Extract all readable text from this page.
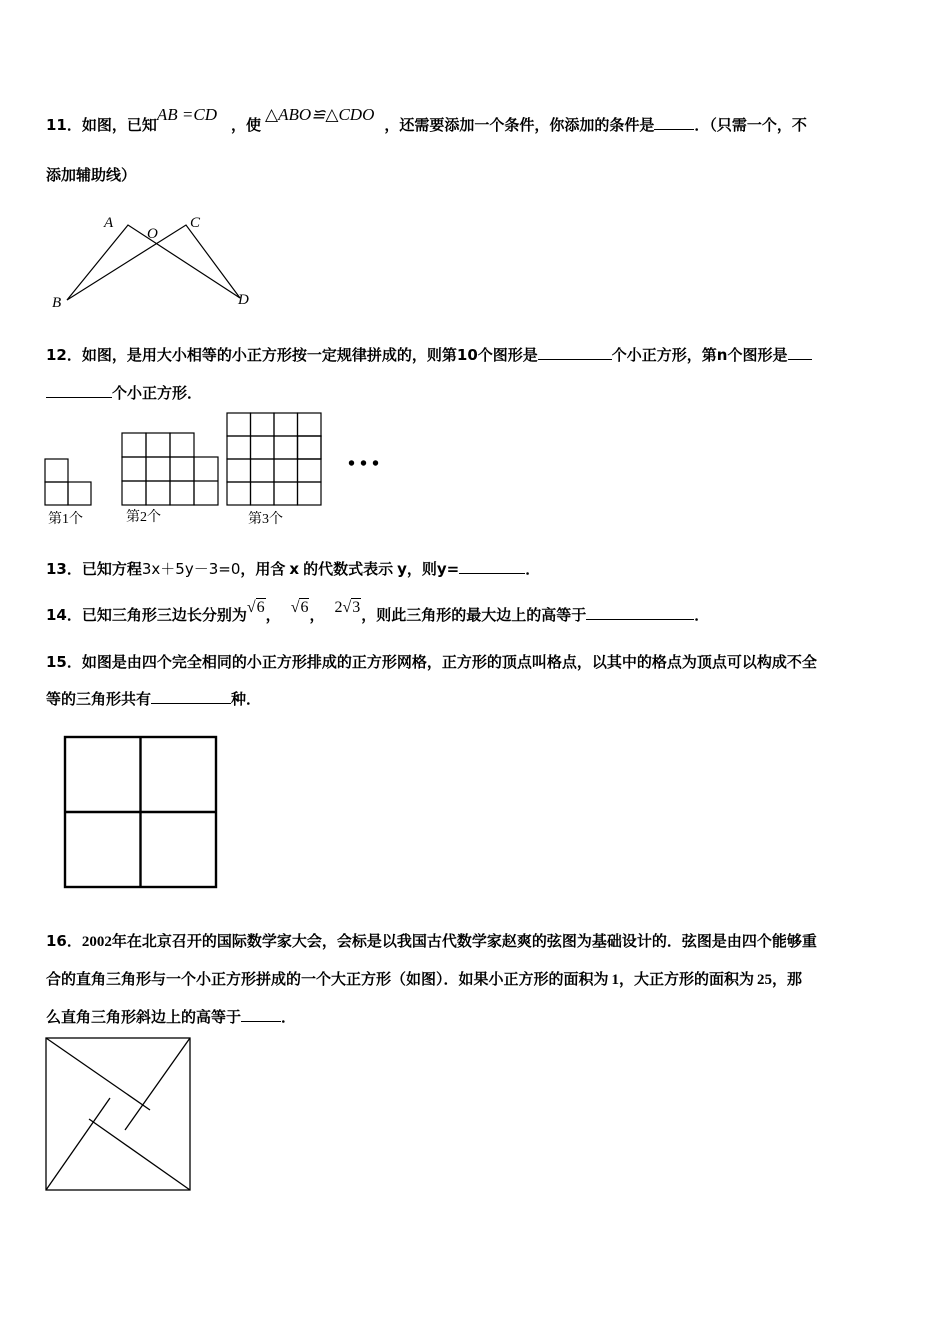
11．如图，已知AB =CD，使△ABO≌△CDO，还需要添加一个条件，你添加的条件是	．（只需一个，不
添加辅助线）
A
O
C
B	D
12．如图，是用大小相等的小正方形按一定规律拼成的，则第10个图形是	个小正方形，第n个图形是
个小正方形．
• • •
第1个	第2个	第3个
13．已知方程3x＋5y－3=0，用含 x 的代数式表示 y，则y=	．
14．已知三角形三边长分别为√6， √6， 2√3，则此三角形的最大边上的高等于	．
15．如图是由四个完全相同的小正方形排成的正方形网格，正方形的顶点叫格点，以其中的格点为顶点可以构成不全
等的三角形共有	种．
16．2002年在北京召开的国际数学家大会，会标是以我国古代数学家赵爽的弦图为基础设计的．弦图是由四个能够重
合的直角三角形与一个小正方形拼成的一个大正方形（如图）．如果小正方形的面积为 1，大正方形的面积为 25，那
么直角三角形斜边上的高等于	．
